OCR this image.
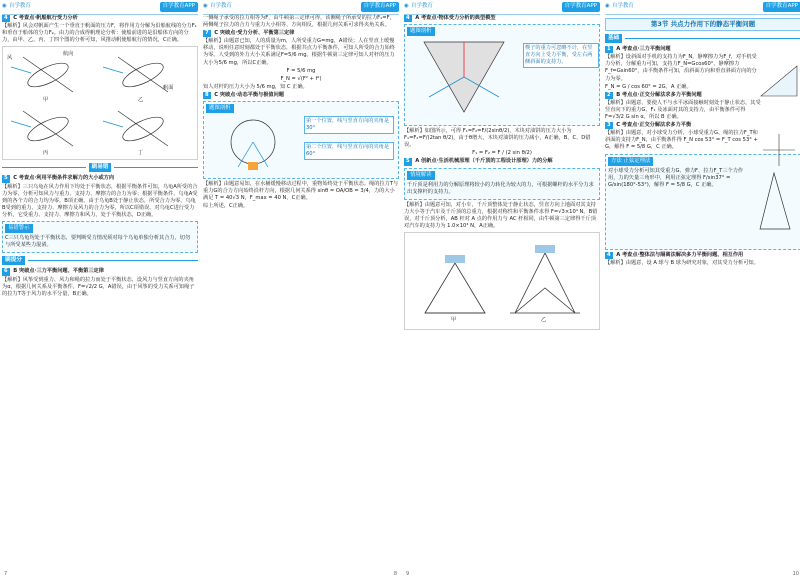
◉ 自学教育	自学教育APP

4 C 考查点·帆船航行受力分析

【解析】风会对帆面产生一个垂直于帆面的压力F，将作用力分解为沿船航线的分力F₁和垂直于船体的分力F₂。由力的合成得帆理论分析：使船前进的是沿船体方向的分力，由甲、乙、丙、丁四个图的分析可知，风推动帆使船航行的情况，C正确。

甲	乙
丙	丁
风
航向
帆面
刷易错

5 C 考查点·利用平衡条件求解力的大小或方向

【解析】三只乌龟在风力作用下均处于平衡状态，根据平衡条件可知，乌龟A所受的合力为零，分析可知风力与重力、支持力、摩擦力的合力为零；根据平衡条件，乌龟A受到的各个力的合力均为零，B项正确。由于乌龟B处于静止状态，所受合力为零，乌龟B受到的重力、支持力、摩擦力及风力的合力为零，所以C项错误。对乌龟C进行受力分析，它受重力、支持力、摩擦力和风力，处于平衡状态，D正确。

易错警示

C三只乌龟均处于平衡状态，要判断受力情况须对每个乌龟单独分析其合力，切勿与所受某些力混淆。

刷提分

6 B 突破点·三力平衡问题、平衡第三定律

【解析】风筝受到重力、风力和绳的拉力而处于平衡状态，设风力与竖直方向的夹角为α，根据几何关系及平衡条件，F=√2/2 G，A错误，由于风筝的受力关系可知绳子的拉力T等于风力的水平分量，B正确。

7
◉ 自学教育	自学教育APP

一侧绳子承受的拉力相等为F，由牛顿第三定律可得，该侧绳子所承受的拉力F₁=F，两侧绳子拉力的合力与重力大小相等、方向相反，根据几何关系可求得夹角关系。

7 C 突破点·受力分析、平衡第三定律

【解析】由题意已知，人的质量为m，人所受重力G=mg，A错误；人在竖直上缓慢移动，说明任意时刻都处于平衡状态，根据共点力平衡条件，可知人所受的合力始终为零。人受到的外力大小关系满足F=5/6 mg。根据牛顿第三定律可知人对杆的压力大小为5/6 mg，所以C正确。

F = 5/6 mg

F_N = √(F² + f²)

知人对杆的压力大小为 5/6 mg，知 C 正确。

8 C 突破点·动态平衡与极值问题

题图剖析
第一个位置，线与竖直方向的夹角是30°
第二个位置，线与竖直方向的夹角是60°

【解析】由题意易知，在水桶缓慢移动过程中，重物始终处于平衡状态。绳的拉力T与重力G的合力方向始终沿杆方向，根据几何关系得 sinθ = OA/OB = 3/4，力的大小满足 T = 40√3 N，F_max = 40 N，C正确。

综上所述，C正确。

8
◉ 自学教育	自学教育APP

4 A 考查点·物体受力分析的典型模型

题图剖析
楔子的重力可忽略不计，在竖直方向上受力平衡，受左右两侧斜面的支持力。

【解析】如图所示，可得 F₁=F₂=F/(2sinθ/2)，木块对油饼的压力大小为 F₁=F₂=F/(2tan θ/2)，由于θ增大，木块对油饼的压力减小，A正确，B、C、D错误。

F₁ = F₂ = F / (2 sin θ/2)

5 A 创新点·生活机械原理（千斤顶的工程设计原理）力的分解

情境解读

千斤顶是利用力的分解原理将较小的力转化为较大的力，可根据螺杆的水平分力求出支撑杆的支持力。

【解析】由题意可知，对小车，千斤顶整体处于静止状态，竖直方向上地面对其支持力大小等于汽车及千斤顶的总重力，根据对称性和平衡条件求得 F=√3×10⁴ N。B错误，对千斤顶分析，AB 杆对 A 点的作用力与 AC 杆相同，由牛顿第三定律得千斤顶对汽车的支持力为 1.0×10⁴ N，A正确。

甲	乙
9
◉ 自学教育	自学教育APP
第3节 共点力作用下的静态平衡问题
基础

1 A 考查点·三力平衡问题

【解析】设斜面对手机的支持力为F_N，静摩擦力为F_f，对手机受力分析，分解重力可知，支持力F_N=Gcos60°，静摩擦力F_f=Gsin60°，由平衡条件可知，沿斜面方向和垂直斜面方向的分力为零。

F_N = G / cos 60° = 2G，A 正确。

2 B 考点点·正交分解法求多力平衡问题

【解析】由题意，要使人不与水平冰面接触时刻处于静止状态，其受竖直向下的重力G、F₁ 及冰面对其的支持力，由平衡条件可得 F=√3/2 G sin α，所以 B 正确。

3 C 考查点·正交分解法求多力平衡

【解析】由题意，对小球受力分析，小球受重力G、绳的拉力F_T和斜面的支持力F_N，由平衡条件得 F_N cos 53° = F_T cos 53° + G，解得 F = 5/8 G，C 正确。

方法 正弦定理法

对小球受力分析可知其受重力G、弹力F、拉力F_T三个力作用，力的矢量三角形中，利用正弦定理得 F/sin37° = G/sin(180°-53°)，解得 F = 5/8 G，C 正确。

4 A 考查点·整体法与隔离法解决多力平衡问题、相互作用

【解析】由题意，设 A 球与 B 球为研究对象，对其受力分析可知。

10
